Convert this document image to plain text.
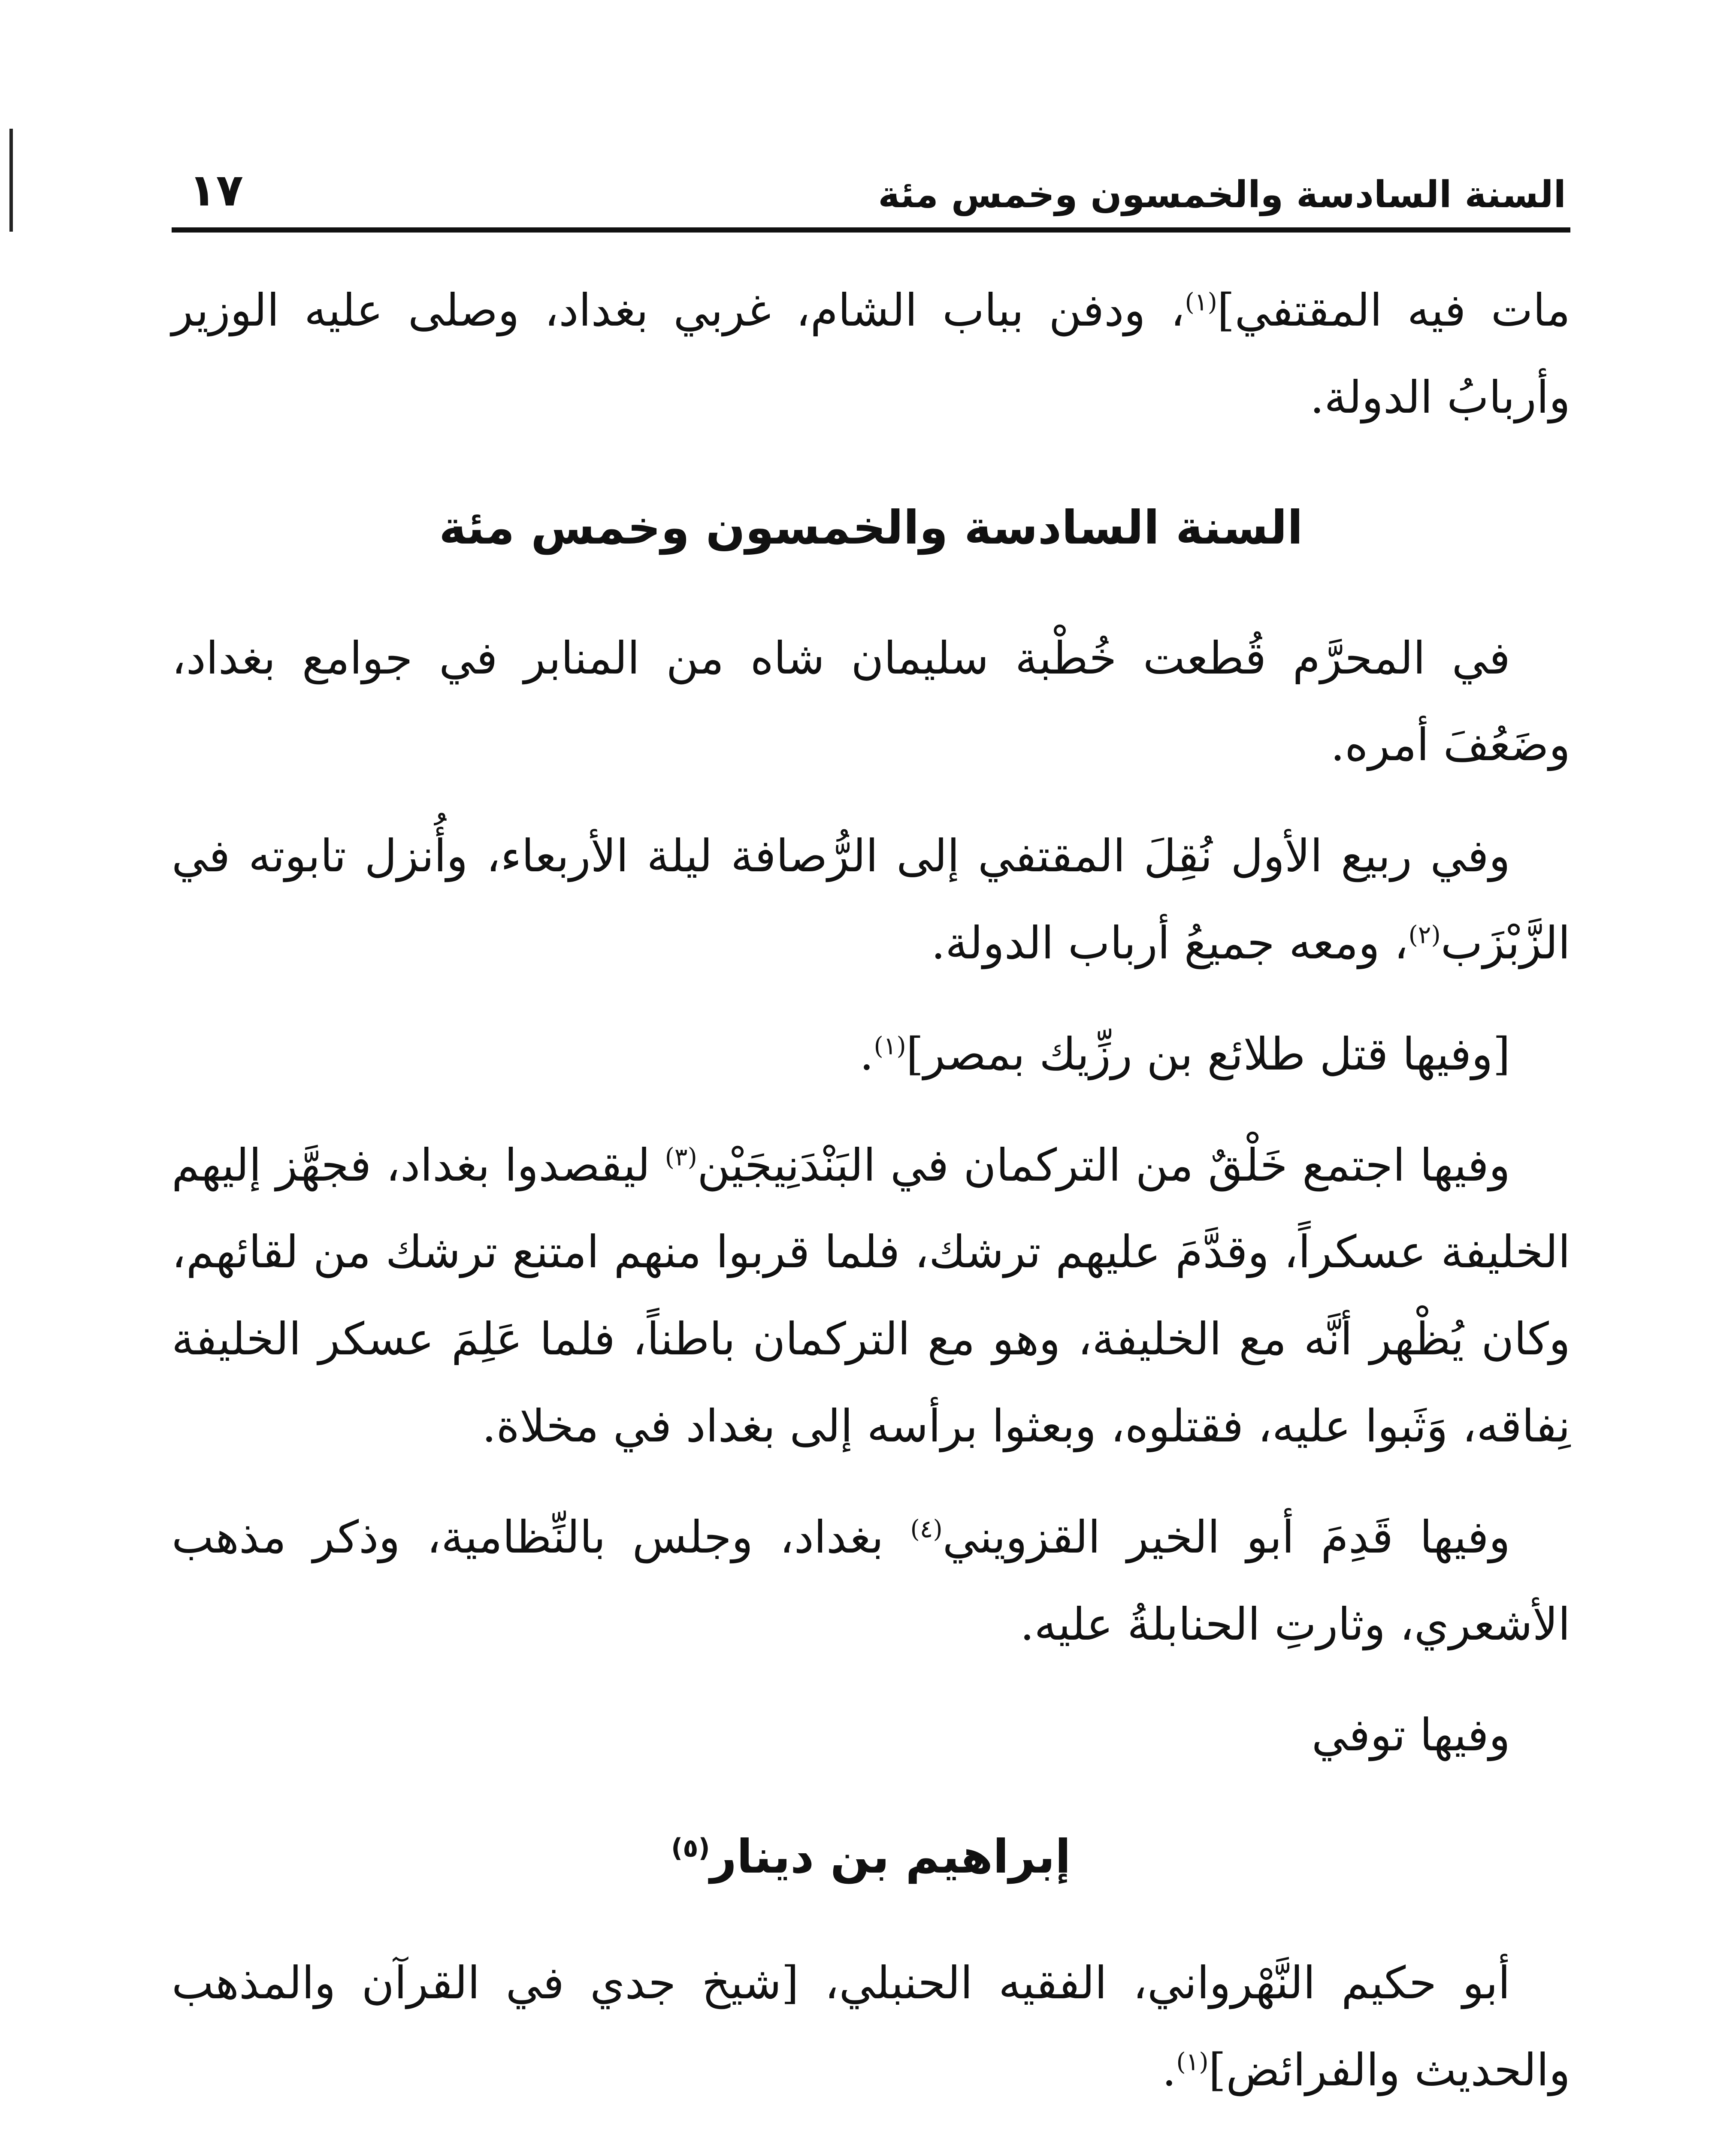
السنة السادسة والخمسون وخمس مئة
١٧

مات فيه المقتفي]$^{(١)}$، ودفن بباب الشام، غربي بغداد، وصلى عليه الوزير وأربابُ الدولة.

السنة السادسة والخمسون وخمس مئة

في المحرَّم قُطعت خُطْبة سليمان شاه من المنابر في جوامع بغداد، وضَعُفَ أمره.

وفي ربيع الأول نُقِلَ المقتفي إلى الرُّصافة ليلة الأربعاء، وأُنزل تابوته في الزَّبْزَب$^{(٢)}$، ومعه جميعُ أرباب الدولة.

[وفيها قتل طلائع بن رزِّيك بمصر]$^{(١)}$.

وفيها اجتمع خَلْقٌ من التركمان في البَنْدَنِيجَيْن$^{(٣)}$ ليقصدوا بغداد، فجهَّز إليهم الخليفة عسكراً، وقدَّمَ عليهم ترشك، فلما قربوا منهم امتنع ترشك من لقائهم، وكان يُظْهر أنَّه مع الخليفة، وهو مع التركمان باطناً، فلما عَلِمَ عسكر الخليفة نِفاقه، وَثَبوا عليه، فقتلوه، وبعثوا برأسه إلى بغداد في مخلاة.

وفيها قَدِمَ أبو الخير القزويني$^{(٤)}$ بغداد، وجلس بالنِّظامية، وذكر مذهب الأشعري، وثارتِ الحنابلةُ عليه.

وفيها توفي

إبراهيم بن دينار$^{(٥)}$

أبو حكيم النَّهْرواني، الفقيه الحنبلي، [شيخ جدي في القرآن والمذهب والحديث والفرائض]$^{(١)}$.
